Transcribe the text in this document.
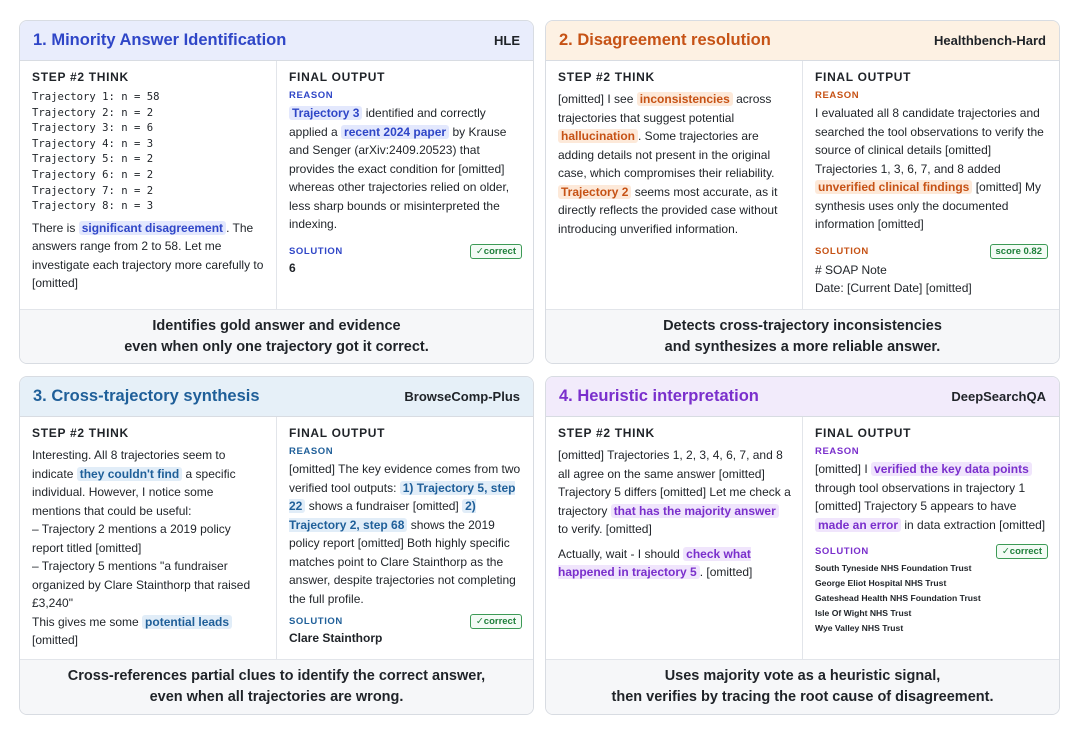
1. Minority Answer Identification	HLE
STEP #2 THINK
Trajectory 1: n = 58
Trajectory 2: n = 2
Trajectory 3: n = 6
Trajectory 4: n = 3
Trajectory 5: n = 2
Trajectory 6: n = 2
Trajectory 7: n = 2
Trajectory 8: n = 3
There is significant disagreement . The answers range from 2 to 58. Let me investigate each trajectory more carefully to [omitted]
FINAL OUTPUT
REASON
Trajectory 3 identified and correctly applied a recent 2024 paper by Krause and Senger (arXiv:2409.20523) that provides the exact condition for [omitted] whereas other trajectories relied on older, less sharp bounds or misinterpreted the indexing.
SOLUTION	✓correct
6
Identifies gold answer and evidence
even when only one trajectory got it correct.
2. Disagreement resolution	Healthbench-Hard
STEP #2 THINK
[omitted] I see inconsistencies across trajectories that suggest potential hallucination . Some trajectories are adding details not present in the original case, which compromises their reliability. Trajectory 2 seems most accurate, as it directly reflects the provided case without introducing unverified information.
FINAL OUTPUT
REASON
I evaluated all 8 candidate trajectories and searched the tool observations to verify the source of clinical details [omitted] Trajectories 1, 3, 6, 7, and 8 added unverified clinical findings [omitted] My synthesis uses only the documented information [omitted]
SOLUTION	score 0.82
# SOAP Note
Date: [Current Date] [omitted]
Detects cross-trajectory inconsistencies
and synthesizes a more reliable answer.
3. Cross-trajectory synthesis	BrowseComp-Plus
STEP #2 THINK
Interesting. All 8 trajectories seem to indicate they couldn't find a specific individual. However, I notice some mentions that could be useful:
– Trajectory 2 mentions a 2019 policy report titled [omitted]
– Trajectory 5 mentions "a fundraiser organized by Clare Stainthorp that raised £3,240"
This gives me some potential leads [omitted]
FINAL OUTPUT
REASON
[omitted] The key evidence comes from two verified tool outputs: 1) Trajectory 5, step 22 shows a fundraiser [omitted] 2) Trajectory 2, step 68 shows the 2019 policy report [omitted] Both highly specific matches point to Clare Stainthorp as the answer, despite trajectories not completing the full profile.
SOLUTION	✓correct
Clare Stainthorp
Cross-references partial clues to identify the correct answer,
even when all trajectories are wrong.
4. Heuristic interpretation	DeepSearchQA
STEP #2 THINK
[omitted] Trajectories 1, 2, 3, 4, 6, 7, and 8 all agree on the same answer [omitted] Trajectory 5 differs [omitted] Let me check a trajectory that has the majority answer to verify. [omitted]
Actually, wait - I should check what happened in trajectory 5 . [omitted]
FINAL OUTPUT
REASON
[omitted] I verified the key data points through tool observations in trajectory 1 [omitted] Trajectory 5 appears to have made an error in data extraction [omitted]
SOLUTION	✓correct
South Tyneside NHS Foundation Trust
George Eliot Hospital NHS Trust
Gateshead Health NHS Foundation Trust
Isle Of Wight NHS Trust
Wye Valley NHS Trust
Uses majority vote as a heuristic signal,
then verifies by tracing the root cause of disagreement.
